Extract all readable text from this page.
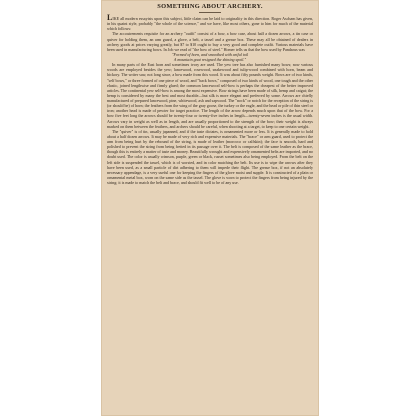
SOMETHING ABOUT ARCHERY.

LIKE all modern essayists upon this subject, little claim can be laid to originality in this direction. Roger Ascham has given, in his quaint style, probably "the whole of the science," and we have, like most others, gone to him for much of the material which follows:

The accoutrements requisite for an archery "outfit" consist of a bow, a bow case, about half a dozen arrows, a tin case or quiver for holding them, an arm guard, a glove, a belt, a tassel and a grease box. These may all be obtained of dealers in archery goods at prices varying greatly, but $7 to $10 ought to buy a very good and complete outfit. Various materials have been used in manufacturing bows. In Job we read of "the bow of steel." Homer tells us that the bow used by Pandarus was

"Formed of horn, and smoothed with artful toil
A mountain goat resigned the shining spoil."

In many parts of the East horn and sometimes ivory are used. The yew tree has also furnished many bows; now various woods are employed besides the yew; lancewood, rosewood, snakewood and tulip-wood combined with horn, beam and hickory. The writer saw, not long since, a bow made from this wood. It was about fifty pounds weight. Bows are of two kinds, "self bows," or three formed of one piece of wood, and "back bows," composed of two kinds of wood, one tough and the other elastic, joined lengthwise and firmly glued; the common lancewood self-bow is perhaps the cheapest of the better improved articles. The continental yew self-bow is among the most expensive. Bow strings have been made of silk, hemp and catgut; the hemp is considered by many the best and most durable—but silk is more elegant and preferred by some. Arrows are chiefly manufactured of prepared lancewood, pine, whitewood, ash and sapwood. The "nock" or notch for the reception of the string is (or should be) of horn; the feathers from the wing of the gray goose, the turkey or the eagle, and the head or pile of thin steel or iron; another head is made of pewter for target practice. The length of the arrow depends much upon that of the bow. For a bow five feet long the arrows should be twenty-four or twenty-five inches in length—twenty-seven inches is the usual width. Arrows vary in weight as well as in length, and are usually proportioned to the strength of the bow; their weight is always marked on them between the feathers, and archers should be careful, when shooting at a target, to keep to one certain weight.

The "quiver" is of tin, usually japanned, and if the taste dictates, is ornamented more or less. It is generally made to hold about a half dozen arrows. It may be made of very rich and expensive materials. The "brace" or arm guard, used to protect the arm from being hurt by the rebound of the string, is made of leather (morocco or calfskin); the face is smooth, hard and polished to prevent the string from being fretted in its passage over it. The belt is composed of the same leather as the brace, though this is entirely a matter of taste and money. Beautifully wrought and expensively ornamented belts are imported, and no doubt used. The color is usually crimson, purple, green or black, russet sometimes also being employed. From the belt on the left side is suspended the tassel, which is of worsted, and in color matching the belt. Its use is to wipe the arrows after they have been used, as a small particle of dirt adhering to them will impede their flight. The grease box, if not an absolutely necessary appendage, is a very useful one for keeping the fingers of the glove moist and supple. It is constructed of a plain or ornamental metal box, worn on the same side as the tassel. The glove is worn to protect the fingers from being injured by the string; it is made to match the belt and brace, and should fit well to be of any use.
